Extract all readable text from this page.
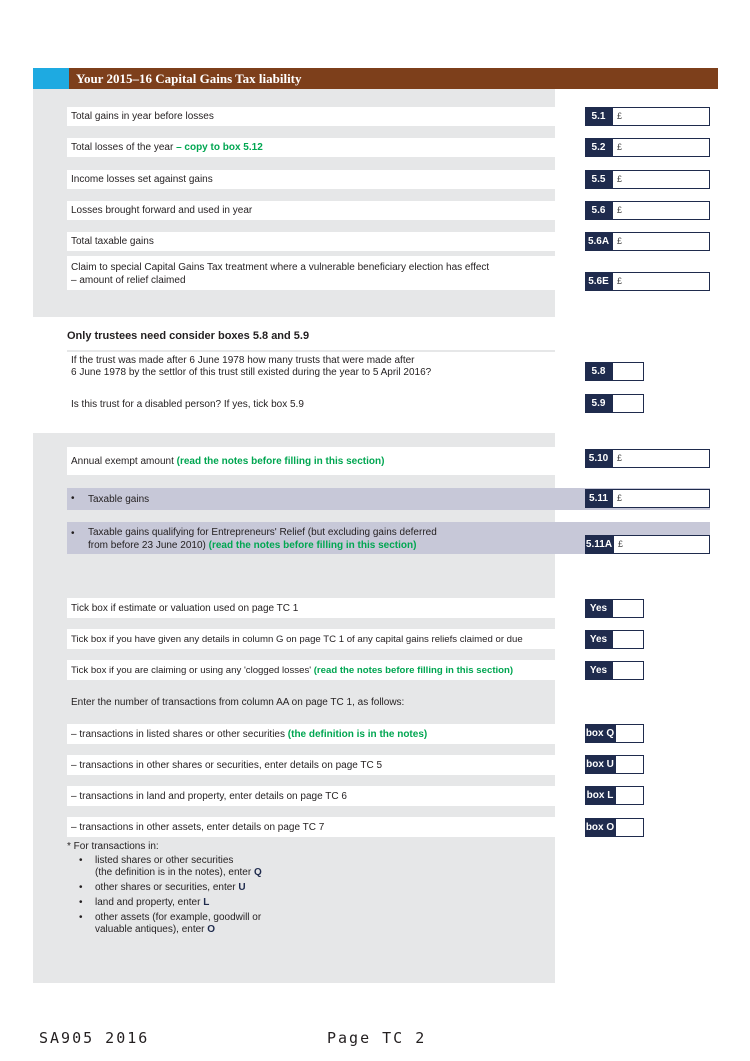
Your 2015–16 Capital Gains Tax liability
Total gains in year before losses	5.1	£
Total losses of the year – copy to box 5.12	5.2	£
Income losses set against gains	5.5	£
Losses brought forward and used in year	5.6	£
Total taxable gains	5.6A £
Claim to special Capital Gains Tax treatment where a vulnerable beneficiary election has effect
– amount of relief claimed	5.6E £
Only trustees need consider boxes 5.8 and 5.9
If the trust was made after 6 June 1978 how many trusts that were made after
6 June 1978 by the settlor of this trust still existed during the year to 5 April 2016?	5.8
Is this trust for a disabled person? If yes, tick box 5.9	5.9
Annual exempt amount (read the notes before filling in this section)	5.10 £
• Taxable gains	5.11	£
• Taxable gains qualifying for Entrepreneurs' Relief (but excluding gains deferred
from before 23 June 2010) (read the notes before filling in this section)	5.11A £
Tick box if estimate or valuation used on page TC 1	Yes
Tick box if you have given any details in column G on page TC 1 of any capital gains reliefs claimed or due	Yes
Tick box if you are claiming or using any 'clogged losses' (read the notes before filling in this section)	Yes
Enter the number of transactions from column AA on page TC 1, as follows:
– transactions in listed shares or other securities (the definition is in the notes)	box Q
– transactions in other shares or securities, enter details on page TC 5	box U
– transactions in land and property, enter details on page TC 6	box L
– transactions in other assets, enter details on page TC 7	box O
* For transactions in:
• listed shares or other securities
(the definition is in the notes), enter Q
• other shares or securities, enter U
• land and property, enter L
• other assets (for example, goodwill or
valuable antiques), enter O
SA905 2016	Page TC 2
